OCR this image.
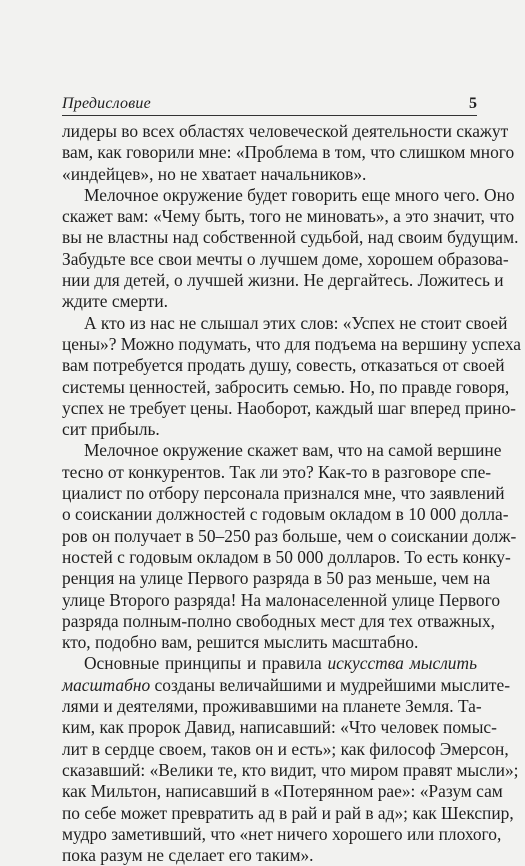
Предисловие	5
лидеры во всех областях человеческой деятельности скажут
вам, как говорили мне: «Проблема в том, что слишком много
«индейцев», но не хватает начальников».
Мелочное окружение будет говорить еще много чего. Оно
скажет вам: «Чему быть, того не миновать», а это значит, что
вы не властны над собственной судьбой, над своим будущим.
Забудьте все свои мечты о лучшем доме, хорошем образова-
нии для детей, о лучшей жизни. Не дергайтесь. Ложитесь и
ждите смерти.
А кто из нас не слышал этих слов: «Успех не стоит своей
цены»? Можно подумать, что для подъема на вершину успеха
вам потребуется продать душу, совесть, отказаться от своей
системы ценностей, забросить семью. Но, по правде говоря,
успех не требует цены. Наоборот, каждый шаг вперед прино-
сит прибыль.
Мелочное окружение скажет вам, что на самой вершине
тесно от конкурентов. Так ли это? Как-то в разговоре спе-
циалист по отбору персонала признался мне, что заявлений
о соискании должностей с годовым окладом в 10 000 долла-
ров он получает в 50–250 раз больше, чем о соискании долж-
ностей с годовым окладом в 50 000 долларов. То есть конку-
ренция на улице Первого разряда в 50 раз меньше, чем на
улице Второго разряда! На малонаселенной улице Первого
разряда полным-полно свободных мест для тех отважных,
кто, подобно вам, решится мыслить масштабно.
Основные принципы и правила искусства мыслить
масштабно созданы величайшими и мудрейшими мыслите-
лями и деятелями, проживавшими на планете Земля. Та-
ким, как пророк Давид, написавший: «Что человек помыс-
лит в сердце своем, таков он и есть»; как философ Эмерсон,
сказавший: «Велики те, кто видит, что миром правят мысли»;
как Мильтон, написавший в «Потерянном рае»: «Разум сам
по себе может превратить ад в рай и рай в ад»; как Шекспир,
мудро заметивший, что «нет ничего хорошего или плохого,
пока разум не сделает его таким».
